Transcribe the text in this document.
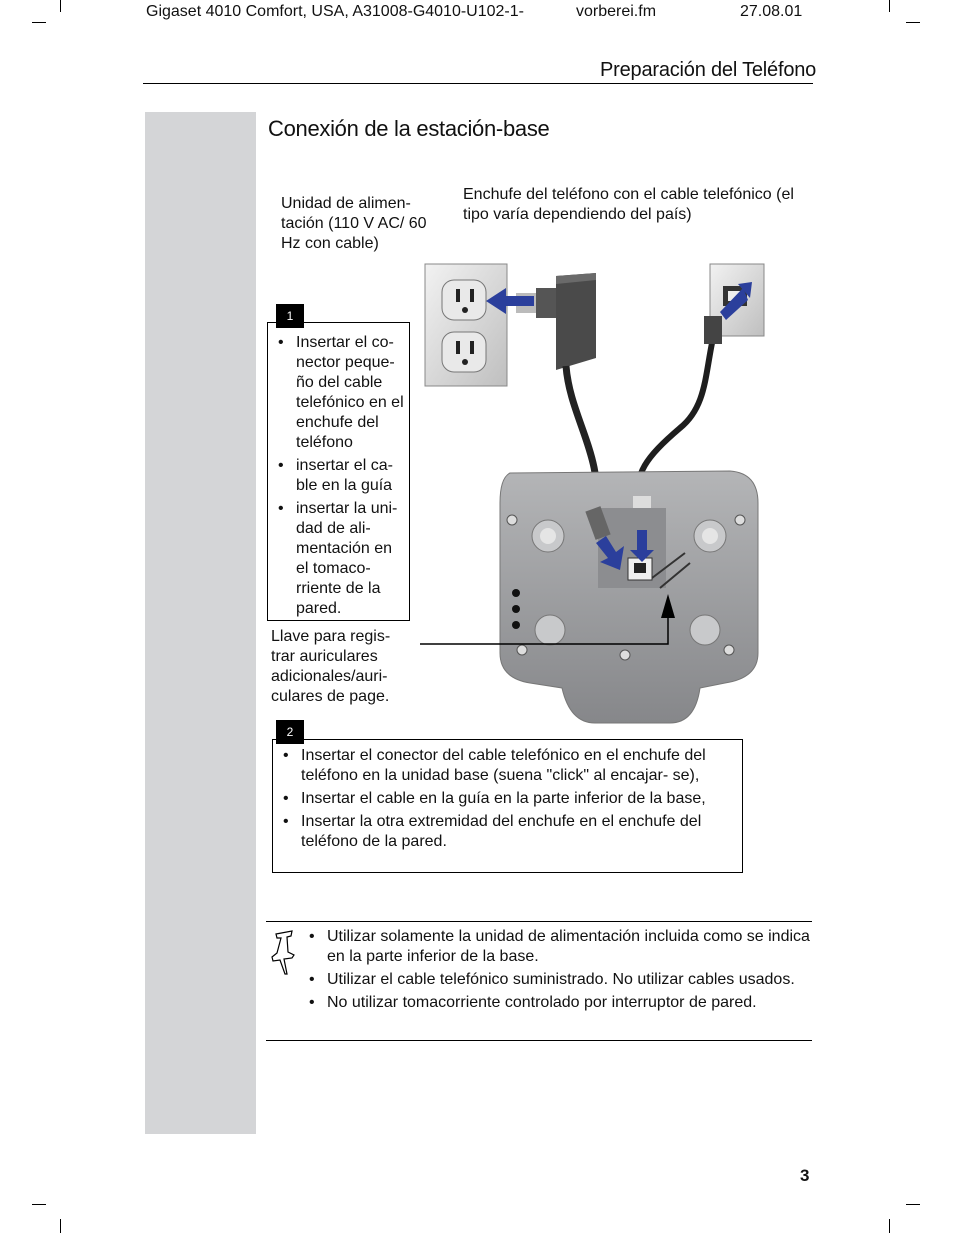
Gigaset 4010 Comfort, USA, A31008-G4010-U102-1-	vorberei.fm	27.08.01
Preparación del Teléfono
Conexión de la estación-base
Unidad de alimen- tación (110 V AC/ 60 Hz con cable)
Enchufe del teléfono con el cable telefónico (el tipo varía dependiendo del país)
Llave para regis- trar auriculares adicionales/auri- culares de page.
• Insertar el co- nector peque- ño del cable telefónico en el enchufe del teléfono
• insertar el ca- ble en la guía
• insertar la uni- dad de ali- mentación en el tomaco- rriente de la pared.
1
• Insertar el conector del cable telefónico en el enchufe del teléfono en la unidad base (suena "click" al encajar- se),
• Insertar el cable en la guía en la parte inferior de la base,
• Insertar la otra extremidad del enchufe en el enchufe del teléfono de la pared.
2
• Utilizar solamente la unidad de alimentación incluida como se indica en la parte inferior de la base.
• Utilizar el cable telefónico suministrado. No utilizar cables usados.
• No utilizar tomacorriente controlado por interruptor de pared.
3
